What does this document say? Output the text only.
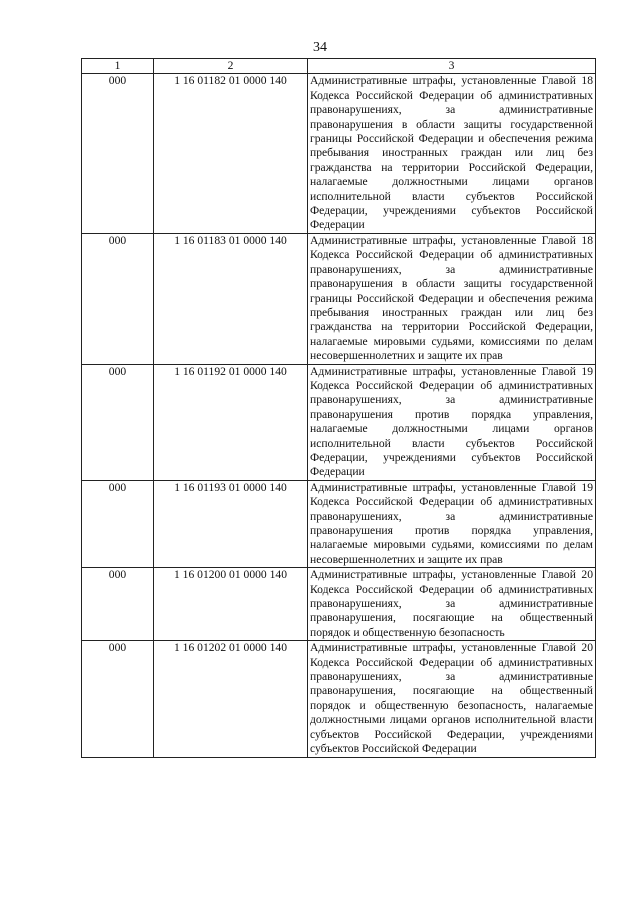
34
1	2	3
000	1 16 01182 01 0000 140	Административные штрафы, установленные Главой 18 Кодекса Российской Федерации об административных правонарушениях, за административные правонарушения в области защиты государственной границы Российской Федерации и обеспечения режима пребывания иностранных граждан или лиц без гражданства на территории Российской Федерации, налагаемые должностными лицами органов исполнительной власти субъектов Российской Федерации, учреждениями субъектов Российской Федерации
000	1 16 01183 01 0000 140	Административные штрафы, установленные Главой 18 Кодекса Российской Федерации об административных правонарушениях, за административные правонарушения в области защиты государственной границы Российской Федерации и обеспечения режима пребывания иностранных граждан или лиц без гражданства на территории Российской Федерации, налагаемые мировыми судьями, комиссиями по делам несовершеннолетних и защите их прав
000	1 16 01192 01 0000 140	Административные штрафы, установленные Главой 19 Кодекса Российской Федерации об административных правонарушениях, за административные правонарушения против порядка управления, налагаемые должностными лицами органов исполнительной власти субъектов Российской Федерации, учреждениями субъектов Российской Федерации
000	1 16 01193 01 0000 140	Административные штрафы, установленные Главой 19 Кодекса Российской Федерации об административных правонарушениях, за административные правонарушения против порядка управления, налагаемые мировыми судьями, комиссиями по делам несовершеннолетних и защите их прав
000	1 16 01200 01 0000 140	Административные штрафы, установленные Главой 20 Кодекса Российской Федерации об административных правонарушениях, за административные правонарушения, посягающие на общественный порядок и общественную безопасность
000	1 16 01202 01 0000 140	Административные штрафы, установленные Главой 20 Кодекса Российской Федерации об административных правонарушениях, за административные правонарушения, посягающие на общественный порядок и общественную безопасность, налагаемые должностными лицами органов исполнительной власти субъектов Российской Федерации, учреждениями субъектов Российской Федерации
